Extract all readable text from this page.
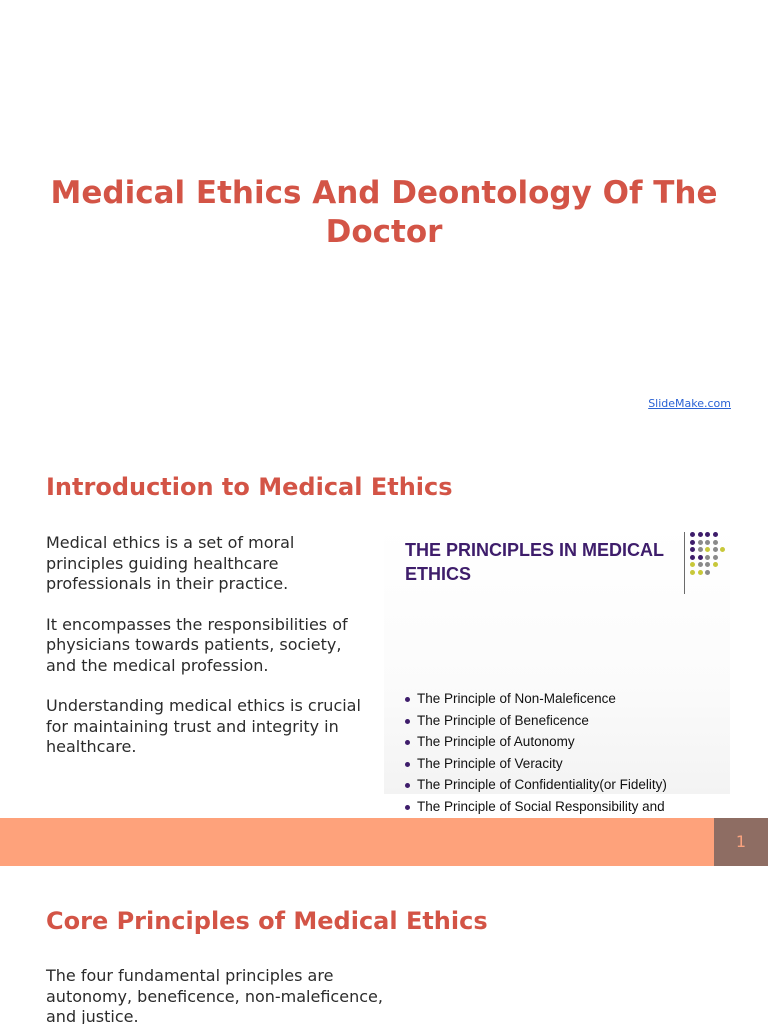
Medical Ethics And Deontology Of The Doctor
SlideMake.com
Introduction to Medical Ethics

Medical ethics is a set of moral principles guiding healthcare professionals in their practice.

It encompasses the responsibilities of physicians towards patients, society, and the medical profession.

Understanding medical ethics is crucial for maintaining trust and integrity in healthcare.

THE PRINCIPLES IN MEDICAL ETHICS
The Principle of Non-Maleficence
The Principle of Beneficence
The Principle of Autonomy
The Principle of Veracity
The Principle of Confidentiality(or Fidelity)
The Principle of Social Responsibility and
1
Core Principles of Medical Ethics

The four fundamental principles are autonomy, beneficence, non-maleficence, and justice.
